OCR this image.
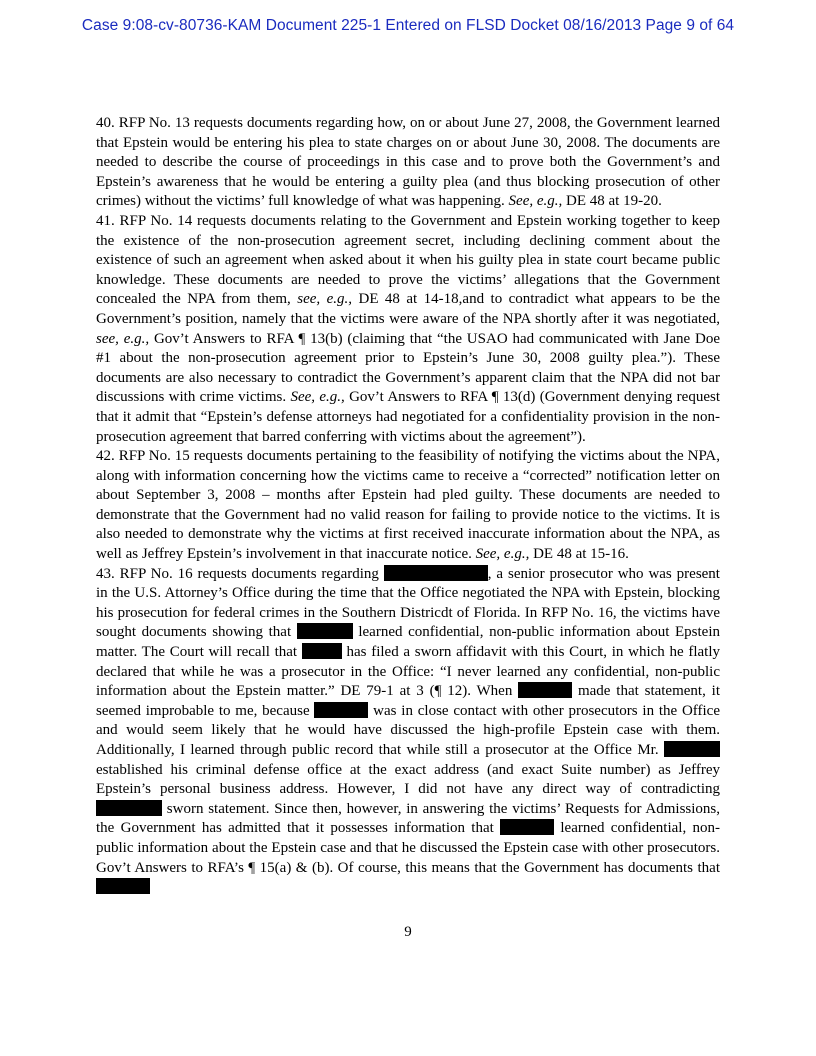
Case 9:08-cv-80736-KAM Document 225-1 Entered on FLSD Docket 08/16/2013 Page 9 of 64

40. RFP No. 13 requests documents regarding how, on or about June 27, 2008, the Government learned that Epstein would be entering his plea to state charges on or about June 30, 2008. The documents are needed to describe the course of proceedings in this case and to prove both the Government’s and Epstein’s awareness that he would be entering a guilty plea (and thus blocking prosecution of other crimes) without the victims’ full knowledge of what was happening. See, e.g., DE 48 at 19-20.

41. RFP No. 14 requests documents relating to the Government and Epstein working together to keep the existence of the non-prosecution agreement secret, including declining comment about the existence of such an agreement when asked about it when his guilty plea in state court became public knowledge. These documents are needed to prove the victims’ allegations that the Government concealed the NPA from them, see, e.g., DE 48 at 14-18,and to contradict what appears to be the Government’s position, namely that the victims were aware of the NPA shortly after it was negotiated, see, e.g., Gov’t Answers to RFA ¶ 13(b) (claiming that “the USAO had communicated with Jane Doe #1 about the non-prosecution agreement prior to Epstein’s June 30, 2008 guilty plea.”). These documents are also necessary to contradict the Government’s apparent claim that the NPA did not bar discussions with crime victims. See, e.g., Gov’t Answers to RFA ¶ 13(d) (Government denying request that it admit that “Epstein’s defense attorneys had negotiated for a confidentiality provision in the non-prosecution agreement that barred conferring with victims about the agreement”).

42. RFP No. 15 requests documents pertaining to the feasibility of notifying the victims about the NPA, along with information concerning how the victims came to receive a “corrected” notification letter on about September 3, 2008 – months after Epstein had pled guilty. These documents are needed to demonstrate that the Government had no valid reason for failing to provide notice to the victims. It is also needed to demonstrate why the victims at first received inaccurate information about the NPA, as well as Jeffrey Epstein’s involvement in that inaccurate notice. See, e.g., DE 48 at 15-16.

43. RFP No. 16 requests documents regarding	, a senior prosecutor who was present in the U.S. Attorney’s Office during the time that the Office negotiated the NPA with Epstein, blocking his prosecution for federal crimes in the Southern Districdt of Florida. In RFP No. 16, the victims have sought documents showing that	learned confidential, non-public information about Epstein matter. The Court will recall that	has filed a sworn affidavit with this Court, in which he flatly declared that while he was a prosecutor in the Office: “I never learned any confidential, non-public information about the Epstein matter.” DE 79-1 at 3 (¶ 12). When	made that statement, it seemed improbable to me, because	was in close contact with other prosecutors in the Office and would seem likely that he would have discussed the high-profile Epstein case with them. Additionally, I learned through public record that while still a prosecutor at the Office Mr.  established his criminal defense office at the exact address (and exact Suite number) as Jeffrey Epstein’s personal business address. However, I did not have any direct way of contradicting  sworn statement. Since then, however, in answering the victims’ Requests for Admissions, the Government has admitted that it possesses information that	learned confidential, non-public information about the Epstein case and that he discussed the Epstein case with other prosecutors. Gov’t Answers to RFA’s ¶ 15(a) & (b). Of course, this means that the Government has documents that

9
